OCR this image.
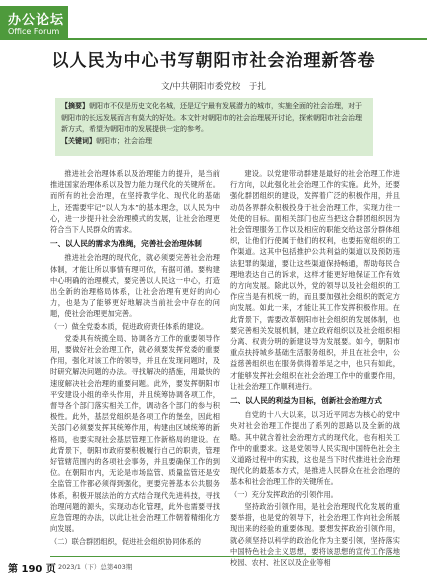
办公论坛
Office Forum
以人民为中心书写朝阳市社会治理新答卷
文/中共朝阳市委党校　于扎
【摘要】朝阳市不仅是历史文化名城，还是辽宁最有发展潜力的城市，实施全面的社会治理，对于朝阳市的长远发展而言有莫大的好处。本文针对朝阳市的社会治理展开讨论，探索朝阳市社会治理新方式，希望为朝阳市的发展提供一定的参考。
【关键词】朝阳市；社会治理

推进社会治理体系以及治理能力的提升，是当前推进国家治理体系以及智力能力现代化的关键所在。而所有的社会治理，在坚持教学化、现代化的基础上，还需要牢记“以人为本”的基本理念，以人民为中心，进一步提升社会治理模式的发展，让社会治理更符合当下人民群众的需求。

一、以人民的需求为准绳，完善社会治理体制

推进社会治理的现代化，就必须要完善社会治理体制，才能让所以事情有理可依，有据可循。要构建中心明确的治理模式，要完善以人民这一中心，打造出全新的治理格局体系，让社会治理有更好的向心力，也是为了能够更好地解决当前社会中存在的问题，使社会治理更加完善。

（一）做全党委本质，促进政府责任体系的建设。

党委具有统揽全局、协调各方工作的重要领导作用，要做好社会治理工作，就必须要发挥党委的重要作用，强化对该工作的领导，并且在发现问题时，及时研究解决问题的办法。寻找解决的措施，用最快的速度解决社会治理的重要问题。此外，要发挥朝阳市平安建设小组的牵头作用，并且统筹协调各项工作，督导各个部门落实相关工作，调动各个部门的参与积极性。此外，基层党组织是各项工作的堡垒，因此相关部门必须要发挥其统筹作用，构建由区域统筹的新格局，也要实现社会基层管理工作新格局的建设。在此背景下，朝阳市政府要积极履行自己的职责，管理好管辖范围内的各项社会事务，并且要确保工作的到位。在朝阳市内，无论是市场监管、质量监管还是安全监管工作都必须得到强化，更要完善基本公共服务体系，积极开展法治的方式结合现代先进科技，寻找治理问题的源头，实现动态化管理，此外也需要寻找应急管理的办法，以此让社会治理工作朝着精细化方向发展。

（二）联合群团组织，促进社会组织协同体系的

建设。以党建带动群建是最好的社会治理工作进行方向，以此强化社会治理工作的实施。此外，还要强化群团组织的建设，发挥着广泛的积极作用，并且动员各界群众积极投身于社会治理工作，实现力往一处使的目标。面相关部门也应当把这合群团组织因为社会管理服务工作以及相应的职能交给这部分群体组织，让他们行使属于他们的权利，也要拓宽组织的工作渠道。这其中包括推护公共利益的渠道以及预防违法犯罪的渠道，要让这些渠道保持畅通，帮助每民合理地表达自己的诉求，这样才能更好地保证工作有效的方向发展。除此以外，党的领导以及社会组织的工作应当是有机统一的，而且要加强社会组织的既定方向发展。如此一来，才能让其工作发挥积极作用。在此背景下，需要改革朝阳市社会组织的发展体制，也要完善相关发展机制，建立政府组织以及社会组织相分离、权责分明的新建设导为发展要。如今，朝阳市重点扶持城乡基础生活服务组织，并且在社会中，公益慈善组织也在服务供得着举足之中，也只有如此，才能够发挥社会组织在社会治理工作中的重要作用，让社会治理工作顺利进行。

二、以人民的利益为目标，创新社会治理方式

自党的十八大以来，以习近平同志为核心的党中央对社会治理工作提出了系列的思路以及全新的战略。其中就含着社会治理方式的现代化，也有相关工作中的重要求。这是党领导人民实现中国特色社会主义道路过程中的实践，这也是当下时代推进社会治理现代化的最基本方式，是推进人民群众在社会治理的基本和社会治理工作的关键所在。

（一）充分发挥政治的引领作用。

坚持政治引领作用，是社会治理现代化发展的重要举措，也是党的领导下，社会治理工作向社会所展现出来的经验的重要体现。要想发挥政治引领作用，就必须坚持以科学的政治化作为主要引领，坚持落实中国特色社会主义思想，要将该思想的宣传工作落地校园、农村、社区以及企业等相

第 190 页 2023/1（下）总第403期
